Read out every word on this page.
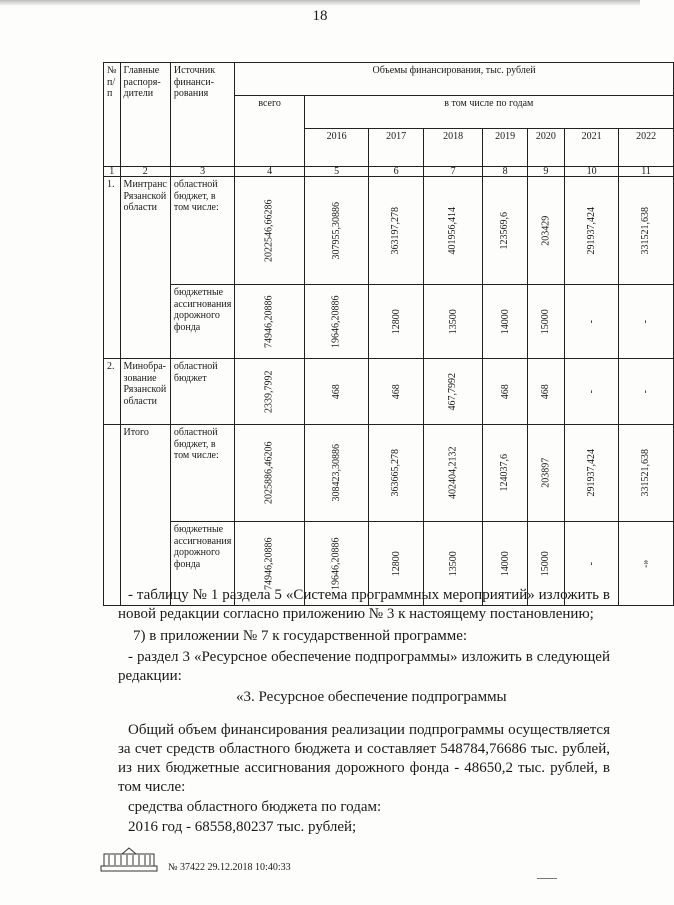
18
№ п/п	Главные распоря-дители	Источник финанси-рования	Объемы финансирования, тыс. рублей							
			всего	в том числе по годам						
				2016	2017	2018	2019	2020	2021	2022
1	2	3	4	5	6	7	8	9	10	11
1.	Минтранс Рязанской области	областной бюджет, в том числе:	2022546,66286	307955,30886	363197,278	401956,414	123569,6	203429	291937,424	331521,638

		бюджетные ассигнования дорожного фонда	74946,20886	19646,20886	12800	13500	14000	15000	-	-

2.	Минобра-зование Рязанской области	областной бюджет	2339,7992	468	468	467,7992	468	468	-	-

	Итого	областной бюджет, в том числе:	2025886,46206	308423,30886	363665,278	402404,2132	124037,6	203897	291937,424	331521,638

		бюджетные ассигнования дорожного фонда	74946,20886	19646,20886	12800	13500	14000	15000	-	-»

- таблицу № 1 раздела 5 «Система программных мероприятий» изложить в новой редакции согласно приложению № 3 к настоящему постановлению;

7) в приложении № 7 к государственной программе:

- раздел 3 «Ресурсное обеспечение подпрограммы» изложить в следующей редакции:

«3. Ресурсное обеспечение подпрограммы

Общий объем финансирования реализации подпрограммы осуществляется за счет средств областного бюджета и составляет 548784,76686 тыс. рублей, из них бюджетные ассигнования дорожного фонда - 48650,2 тыс. рублей, в том числе:

средства областного бюджета по годам:

2016 год - 68558,80237 тыс. рублей;

№ 37422 29.12.2018 10:40:33
